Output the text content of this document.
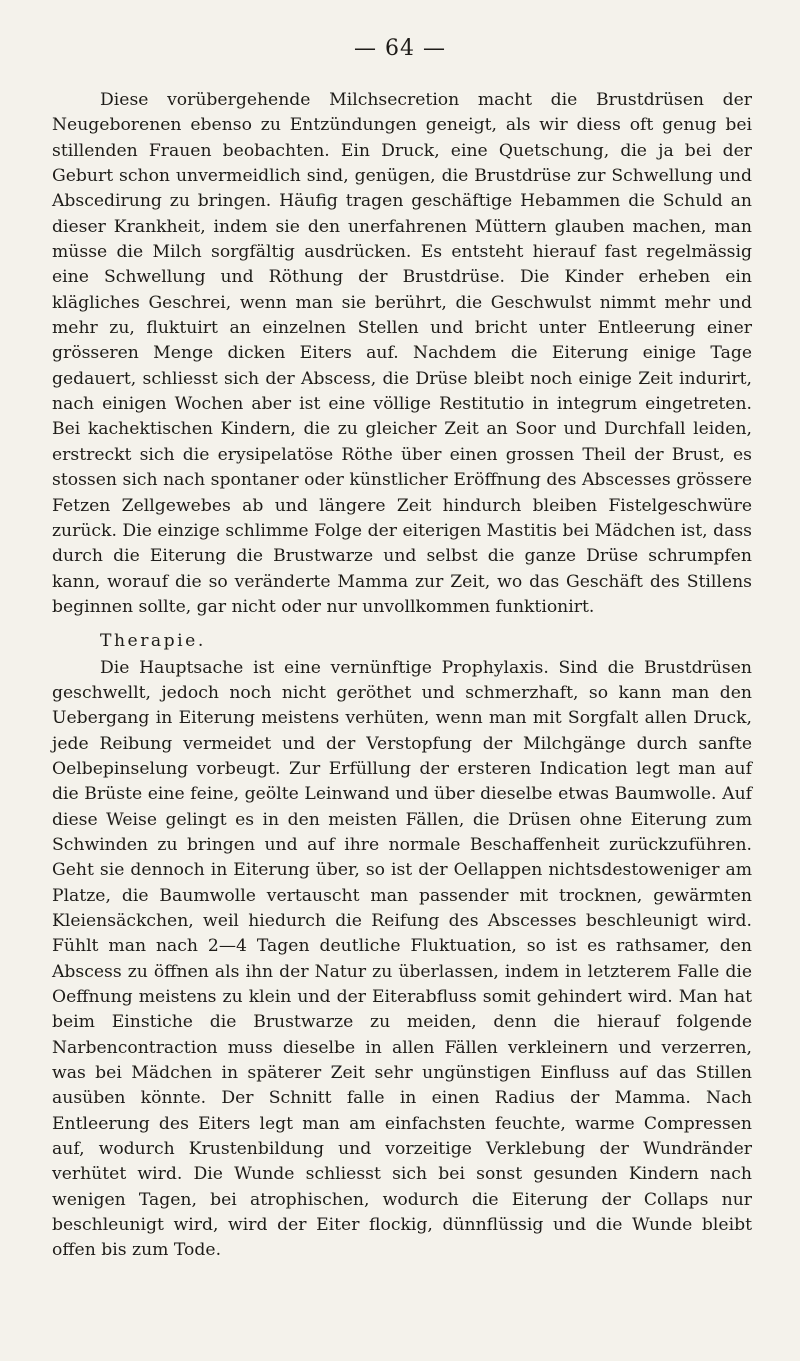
— 64 —

Diese vorübergehende Milchsecretion macht die Brustdrüsen der Neugeborenen ebenso zu Entzündungen geneigt, als wir diess oft genug bei stillenden Frauen beobachten. Ein Druck, eine Quetschung, die ja bei der Geburt schon unvermeidlich sind, genügen, die Brustdrüse zur Schwellung und Abscedirung zu bringen. Häufig tragen geschäftige Hebammen die Schuld an dieser Krankheit, indem sie den unerfahrenen Müttern glauben machen, man müsse die Milch sorgfältig ausdrücken. Es entsteht hierauf fast regelmässig eine Schwellung und Röthung der Brustdrüse. Die Kinder erheben ein klägliches Geschrei, wenn man sie berührt, die Geschwulst nimmt mehr und mehr zu, fluktuirt an einzelnen Stellen und bricht unter Entleerung einer grösseren Menge dicken Eiters auf. Nachdem die Eiterung einige Tage gedauert, schliesst sich der Abscess, die Drüse bleibt noch einige Zeit indurirt, nach einigen Wochen aber ist eine völlige Restitutio in integrum eingetreten. Bei kachektischen Kindern, die zu gleicher Zeit an Soor und Durchfall leiden, erstreckt sich die erysipelatöse Röthe über einen grossen Theil der Brust, es stossen sich nach spontaner oder künstlicher Eröffnung des Abscesses grössere Fetzen Zellgewebes ab und längere Zeit hindurch bleiben Fistelgeschwüre zurück. Die einzige schlimme Folge der eiterigen Mastitis bei Mädchen ist, dass durch die Eiterung die Brustwarze und selbst die ganze Drüse schrumpfen kann, worauf die so veränderte Mamma zur Zeit, wo das Geschäft des Stillens beginnen sollte, gar nicht oder nur unvollkommen funktionirt.

Therapie.

Die Hauptsache ist eine vernünftige Prophylaxis. Sind die Brustdrüsen geschwellt, jedoch noch nicht geröthet und schmerzhaft, so kann man den Uebergang in Eiterung meistens verhüten, wenn man mit Sorgfalt allen Druck, jede Reibung vermeidet und der Verstopfung der Milchgänge durch sanfte Oelbepinselung vorbeugt. Zur Erfüllung der ersteren Indication legt man auf die Brüste eine feine, geölte Leinwand und über dieselbe etwas Baumwolle. Auf diese Weise gelingt es in den meisten Fällen, die Drüsen ohne Eiterung zum Schwinden zu bringen und auf ihre normale Beschaffenheit zurückzuführen. Geht sie dennoch in Eiterung über, so ist der Oellappen nichtsdestoweniger am Platze, die Baumwolle vertauscht man passender mit trocknen, gewärmten Kleiensäckchen, weil hiedurch die Reifung des Abscesses beschleunigt wird. Fühlt man nach 2—4 Tagen deutliche Fluktuation, so ist es rathsamer, den Abscess zu öffnen als ihn der Natur zu überlassen, indem in letzterem Falle die Oeffnung meistens zu klein und der Eiterabfluss somit gehindert wird. Man hat beim Einstiche die Brustwarze zu meiden, denn die hierauf folgende Narbencontraction muss dieselbe in allen Fällen verkleinern und verzerren, was bei Mädchen in späterer Zeit sehr ungünstigen Einfluss auf das Stillen ausüben könnte. Der Schnitt falle in einen Radius der Mamma. Nach Entleerung des Eiters legt man am einfachsten feuchte, warme Compressen auf, wodurch Krustenbildung und vorzeitige Verklebung der Wundränder verhütet wird. Die Wunde schliesst sich bei sonst gesunden Kindern nach wenigen Tagen, bei atrophischen, wodurch die Eiterung der Collaps nur beschleunigt wird, wird der Eiter flockig, dünnflüssig und die Wunde bleibt offen bis zum Tode.
